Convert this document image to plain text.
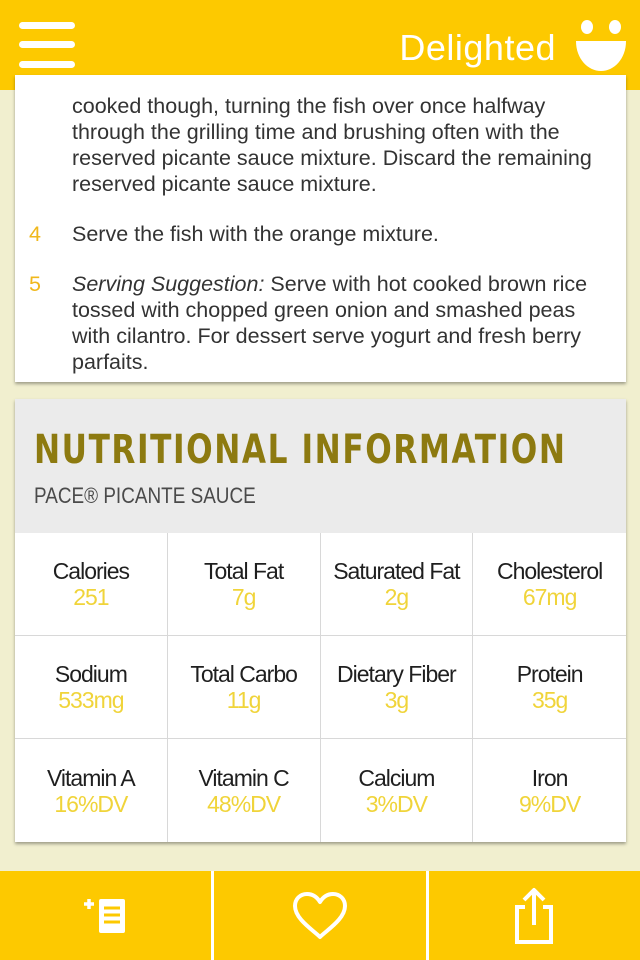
Delighted

cooked though, turning the fish over once halfway through the grilling time and brushing often with the reserved picante sauce mixture. Discard the remaining reserved picante sauce mixture.

4 Serve the fish with the orange mixture.

5 Serving Suggestion: Serve with hot cooked brown rice tossed with chopped green onion and smashed peas with cilantro. For dessert serve yogurt and fresh berry parfaits.

NUTRITIONAL INFORMATION
PACE® PICANTE SAUCE
Calories
251
Total Fat
7g
Saturated Fat
2g
Cholesterol
67mg
Sodium
533mg
Total Carbo
11g
Dietary Fiber
3g
Protein
35g
Vitamin A
16%DV
Vitamin C
48%DV
Calcium
3%DV
Iron
9%DV
